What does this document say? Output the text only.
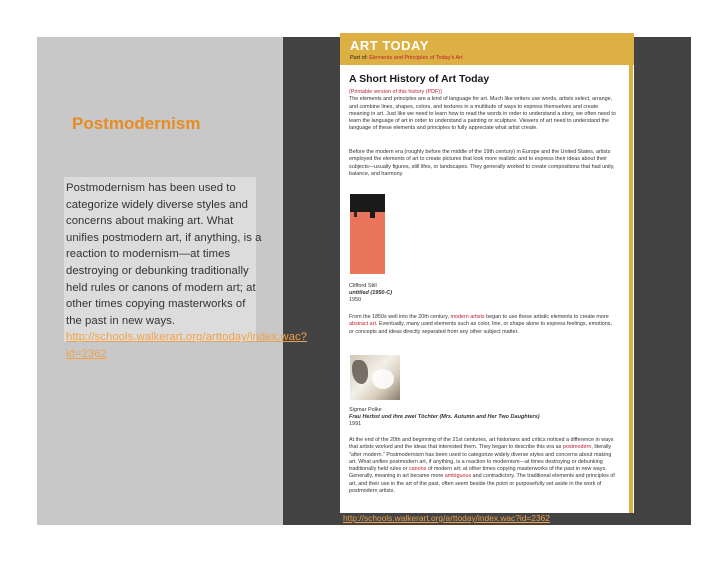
Postmodernism
Postmodernism has been used to categorize widely diverse styles and concerns about making art. What unifies postmodern art, if anything, is a reaction to modernism—at times destroying or debunking traditionally held rules or canons of modern art; at other times copying masterworks of the past in new ways. http://schools.walkerart.org/arttoday/index.wac?id=2362
ART TODAY
Part of: Elements and Principles of Today's Art
A Short History of Art Today
(Printable version of this history (PDF))
The elements and principles are a kind of language for art. Much like writers use words, artists select, arrange, and combine lines, shapes, colors, and textures in a multitude of ways to express themselves and create meaning in art. Just like we need to learn how to read the words in order to understand a story, we often need to learn the language of art in order to understand a painting or sculpture. Viewers of art need to understand the language of these elements and principles to fully appreciate what artist create.
Before the modern era (roughly before the middle of the 19th century) in Europe and the United States, artists employed the elements of art to create pictures that look more realistic and to express their ideas about their subjects—usually figures, still lifes, or landscapes. They generally worked to create compositions that had unity, balance, and harmony.
Clifford Still
untitled (1950-C)
1950
From the 1850s well into the 20th century, modern artists began to use these artistic elements to create more abstract art. Eventually, many used elements such as color, line, or shape alone to express feelings, emotions, or concepts and ideas directly separated from any other subject matter.
Sigmar Polke
Frau Herbst und ihre zwei Töchter (Mrs. Autumn and Her Two Daughters)
1991
At the end of the 20th and beginning of the 21st centuries, art historians and critics noticed a difference in ways that artists worked and the ideas that interested them. They began to describe this era as postmodern, literally "after modern." Postmodernism has been used to categorize widely diverse styles and concerns about making art. What unifies postmodern art, if anything, is a reaction to modernism—at times destroying or debunking traditionally held rules or canons of modern art; at other times copying masterworks of the past in new ways. Generally, meaning in art became more ambiguous and contradictory. The traditional elements and principles of art, and their use in the art of the past, often seem beside the point or purposefully set aside in the work of postmodern artists.
http://schools.walkerart.org/arttoday/index.wac?id=2362
